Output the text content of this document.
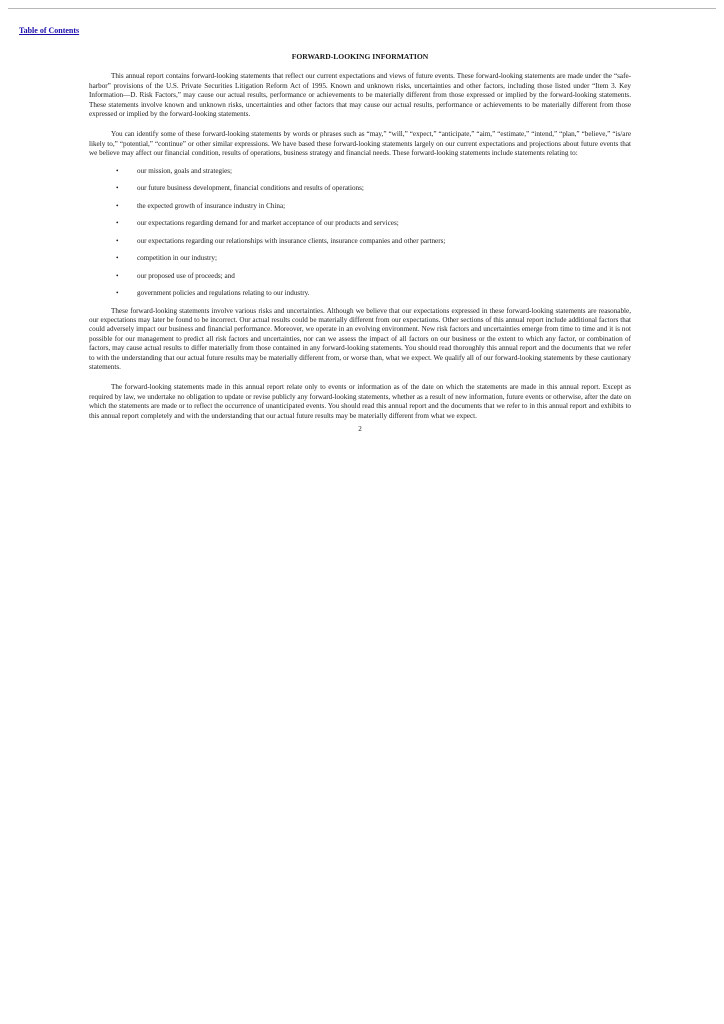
Table of Contents
FORWARD-LOOKING INFORMATION

This annual report contains forward-looking statements that reflect our current expectations and views of future events. These forward-looking statements are made under the “safe-harbor” provisions of the U.S. Private Securities Litigation Reform Act of 1995. Known and unknown risks, uncertainties and other factors, including those listed under “Item 3. Key Information—D. Risk Factors,” may cause our actual results, performance or achievements to be materially different from those expressed or implied by the forward-looking statements. These statements involve known and unknown risks, uncertainties and other factors that may cause our actual results, performance or achievements to be materially different from those expressed or implied by the forward-looking statements.

You can identify some of these forward-looking statements by words or phrases such as “may,” “will,” “expect,” “anticipate,” “aim,” “estimate,” “intend,” “plan,” “believe,” “is/are likely to,” “potential,” “continue” or other similar expressions. We have based these forward-looking statements largely on our current expectations and projections about future events that we believe may affect our financial condition, results of operations, business strategy and financial needs. These forward-looking statements include statements relating to:

•	our mission, goals and strategies;
•	our future business development, financial conditions and results of operations;
•	the expected growth of insurance industry in China;
•	our expectations regarding demand for and market acceptance of our products and services;
•	our expectations regarding our relationships with insurance clients, insurance companies and other partners;
•	competition in our industry;
•	our proposed use of proceeds; and
•	government policies and regulations relating to our industry.

These forward-looking statements involve various risks and uncertainties. Although we believe that our expectations expressed in these forward-looking statements are reasonable, our expectations may later be found to be incorrect. Our actual results could be materially different from our expectations. Other sections of this annual report include additional factors that could adversely impact our business and financial performance. Moreover, we operate in an evolving environment. New risk factors and uncertainties emerge from time to time and it is not possible for our management to predict all risk factors and uncertainties, nor can we assess the impact of all factors on our business or the extent to which any factor, or combination of factors, may cause actual results to differ materially from those contained in any forward-looking statements. You should read thoroughly this annual report and the documents that we refer to with the understanding that our actual future results may be materially different from, or worse than, what we expect. We qualify all of our forward-looking statements by these cautionary statements.

The forward-looking statements made in this annual report relate only to events or information as of the date on which the statements are made in this annual report. Except as required by law, we undertake no obligation to update or revise publicly any forward-looking statements, whether as a result of new information, future events or otherwise, after the date on which the statements are made or to reflect the occurrence of unanticipated events. You should read this annual report and the documents that we refer to in this annual report and exhibits to this annual report completely and with the understanding that our actual future results may be materially different from what we expect.

2
